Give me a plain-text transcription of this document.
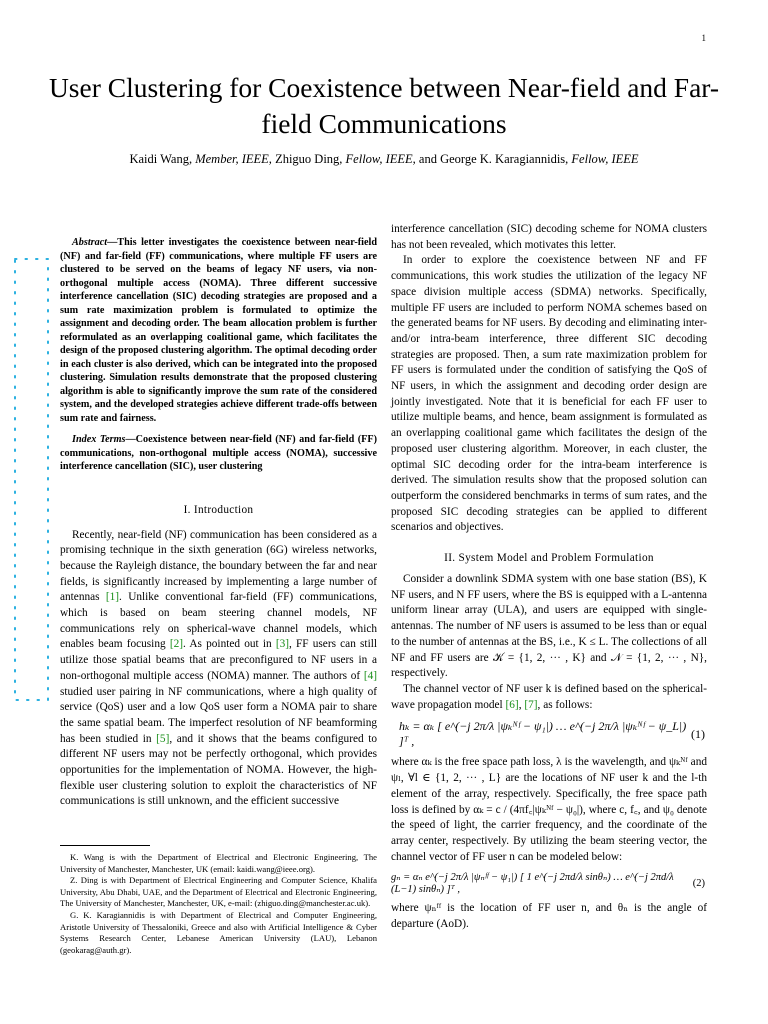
1
User Clustering for Coexistence between Near-field and Far-field Communications
Kaidi Wang, Member, IEEE, Zhiguo Ding, Fellow, IEEE, and George K. Karagiannidis, Fellow, IEEE

Abstract—This letter investigates the coexistence between near-field (NF) and far-field (FF) communications, where multiple FF users are clustered to be served on the beams of legacy NF users, via non-orthogonal multiple access (NOMA). Three different successive interference cancellation (SIC) decoding strategies are proposed and a sum rate maximization problem is formulated to optimize the assignment and decoding order. The beam allocation problem is further reformulated as an overlapping coalitional game, which facilitates the design of the proposed clustering algorithm. The optimal decoding order in each cluster is also derived, which can be integrated into the proposed clustering. Simulation results demonstrate that the proposed clustering algorithm is able to significantly improve the sum rate of the considered system, and the developed strategies achieve different trade-offs between sum rate and fairness.

Index Terms—Coexistence between near-field (NF) and far-field (FF) communications, non-orthogonal multiple access (NOMA), successive interference cancellation (SIC), user clustering

I. Introduction

Recently, near-field (NF) communication has been considered as a promising technique in the sixth generation (6G) wireless networks, because the Rayleigh distance, the boundary between the far and near fields, is significantly increased by implementing a large number of antennas [1]. Unlike conventional far-field (FF) communications, which is based on beam steering channel models, NF communications rely on spherical-wave channel models, which enables beam focusing [2]. As pointed out in [3], FF users can still utilize those spatial beams that are preconfigured to NF users in a non-orthogonal multiple access (NOMA) manner. The authors of [4] studied user pairing in NF communications, where a high quality of service (QoS) user and a low QoS user form a NOMA pair to share the same spatial beam. The imperfect resolution of NF beamforming has been studied in [5], and it shows that the beams configured to different NF users may not be perfectly orthogonal, which provides opportunities for the implementation of NOMA. However, the high-flexible user clustering solution to exploit the characteristics of NF communications is still unknown, and the efficient successive

K. Wang is with the Department of Electrical and Electronic Engineering, The University of Manchester, Manchester, UK (email: kaidi.wang@ieee.org).

Z. Ding is with Department of Electrical Engineering and Computer Science, Khalifa University, Abu Dhabi, UAE, and the Department of Electrical and Electronic Engineering, The University of Manchester, Manchester, UK, e-mail: (zhiguo.ding@manchester.ac.uk).

G. K. Karagiannidis is with Department of Electrical and Computer Engineering, Aristotle University of Thessaloniki, Greece and also with Artificial Intelligence & Cyber Systems Research Center, Lebanese American University (LAU), Lebanon (geokarag@auth.gr).

interference cancellation (SIC) decoding scheme for NOMA clusters has not been revealed, which motivates this letter.

In order to explore the coexistence between NF and FF communications, this work studies the utilization of the legacy NF space division multiple access (SDMA) networks. Specifically, multiple FF users are included to perform NOMA schemes based on the generated beams for NF users. By decoding and eliminating inter- and/or intra-beam interference, three different SIC decoding strategies are proposed. Then, a sum rate maximization problem for FF users is formulated under the condition of satisfying the QoS of NF users, in which the assignment and decoding order design are jointly investigated. Note that it is beneficial for each FF user to utilize multiple beams, and hence, beam assignment is formulated as an overlapping coalitional game which facilitates the design of the proposed user clustering algorithm. Moreover, in each cluster, the optimal SIC decoding order for the intra-beam interference is derived. The simulation results show that the proposed solution can outperform the considered benchmarks in terms of sum rates, and the proposed SIC decoding strategies can be applied to different scenarios and objectives.

II. System Model and Problem Formulation

Consider a downlink SDMA system with one base station (BS), K NF users, and N FF users, where the BS is equipped with a L-antenna uniform linear array (ULA), and users are equipped with single-antennas. The number of NF users is assumed to be less than or equal to the number of antennas at the BS, i.e., K ≤ L. The collections of all NF and FF users are 𝒦 = {1, 2, ··· , K} and 𝒩 = {1, 2, ··· , N}, respectively.

The channel vector of NF user k is defined based on the spherical-wave propagation model [6], [7], as follows:

hₖ = αₖ [ e^(−j 2π/λ |ψₖᴺᶠ − ψ₁|) … e^(−j 2π/λ |ψₖᴺᶠ − ψ_L|) ]ᵀ ,
(1)

where αₖ is the free space path loss, λ is the wavelength, and ψₖᴺᶠ and ψₗ, ∀l ∈ {1, 2, ··· , L} are the locations of NF user k and the l-th element of the array, respectively. Specifically, the free space path loss is defined by αₖ = c / (4πf꜀|ψₖᴺᶠ − ψ₀|), where c, f꜀, and ψ₀ denote the speed of light, the carrier frequency, and the coordinate of the array center, respectively. By utilizing the beam steering vector, the channel vector of FF user n can be modeled below:

gₙ = αₙ e^(−j 2π/λ |ψₙᶠᶠ − ψ₁|) [ 1 e^(−j 2πd/λ sinθₙ) … e^(−j 2πd/λ (L−1) sinθₙ) ]ᵀ ,
(2)

where ψₙᶠᶠ is the location of FF user n, and θₙ is the angle of departure (AoD).
